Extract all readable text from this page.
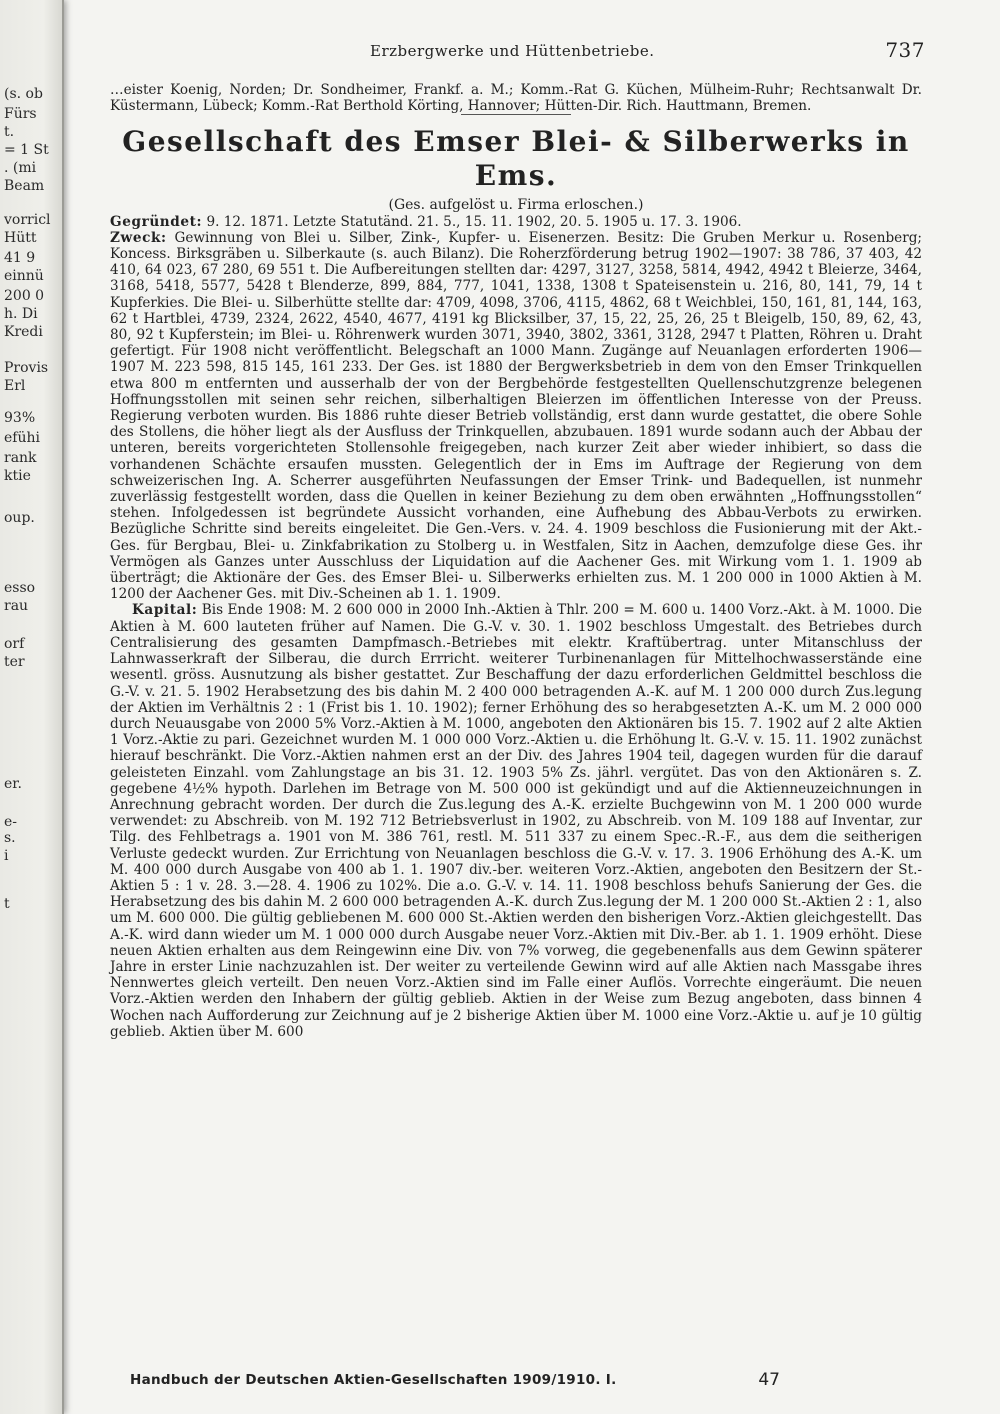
(s. ob
Fürs
t.
= 1 St
. (mi
Beam
vorricl
Hütt
41 9
einnü
200 0
h. Di
Kredi
Provis
Erl
93%
efühi
rank
ktie
oup.
esso
rau
orf
ter
er.
e-
s.
i
t
Erzbergwerke und Hüttenbetriebe.	737

…eister Koenig, Norden; Dr. Sondheimer, Frankf. a. M.; Komm.-Rat G. Küchen, Mülheim-Ruhr; Rechtsanwalt Dr. Küstermann, Lübeck; Komm.-Rat Berthold Körting, Hannover; Hütten-Dir. Rich. Hauttmann, Bremen.

Gesellschaft des Emser Blei- & Silberwerks in Ems.

(Ges. aufgelöst u. Firma erloschen.)

Gegründet: 9. 12. 1871. Letzte Statutänd. 21. 5., 15. 11. 1902, 20. 5. 1905 u. 17. 3. 1906.

Zweck: Gewinnung von Blei u. Silber, Zink-, Kupfer- u. Eisenerzen. Besitz: Die Gruben Merkur u. Rosenberg; Koncess. Birksgräben u. Silberkaute (s. auch Bilanz). Die Roherzförderung betrug 1902—1907: 38 786, 37 403, 42 410, 64 023, 67 280, 69 551 t. Die Aufbereitungen stellten dar: 4297, 3127, 3258, 5814, 4942, 4942 t Bleierze, 3464, 3168, 5418, 5577, 5428 t Blenderze, 899, 884, 777, 1041, 1338, 1308 t Spateisenstein u. 216, 80, 141, 79, 14 t Kupferkies. Die Blei- u. Silberhütte stellte dar: 4709, 4098, 3706, 4115, 4862, 68 t Weichblei, 150, 161, 81, 144, 163, 62 t Hartblei, 4739, 2324, 2622, 4540, 4677, 4191 kg Blicksilber, 37, 15, 22, 25, 26, 25 t Bleigelb, 150, 89, 62, 43, 80, 92 t Kupferstein; im Blei- u. Röhrenwerk wurden 3071, 3940, 3802, 3361, 3128, 2947 t Platten, Röhren u. Draht gefertigt. Für 1908 nicht veröffentlicht. Belegschaft an 1000 Mann. Zugänge auf Neuanlagen erforderten 1906—1907 M. 223 598, 815 145, 161 233. Der Ges. ist 1880 der Bergwerksbetrieb in dem von den Emser Trinkquellen etwa 800 m entfernten und ausserhalb der von der Bergbehörde festgestellten Quellenschutzgrenze belegenen Hoffnungsstollen mit seinen sehr reichen, silberhaltigen Bleierzen im öffentlichen Interesse von der Preuss. Regierung verboten wurden. Bis 1886 ruhte dieser Betrieb vollständig, erst dann wurde gestattet, die obere Sohle des Stollens, die höher liegt als der Ausfluss der Trinkquellen, abzubauen. 1891 wurde sodann auch der Abbau der unteren, bereits vorgerichteten Stollensohle freigegeben, nach kurzer Zeit aber wieder inhibiert, so dass die vorhandenen Schächte ersaufen mussten. Gelegentlich der in Ems im Auftrage der Regierung von dem schweizerischen Ing. A. Scherrer ausgeführten Neufassungen der Emser Trink- und Badequellen, ist nunmehr zuverlässig festgestellt worden, dass die Quellen in keiner Beziehung zu dem oben erwähnten „Hoffnungsstollen“ stehen. Infolgedessen ist begründete Aussicht vorhanden, eine Aufhebung des Abbau-Verbots zu erwirken. Bezügliche Schritte sind bereits eingeleitet. Die Gen.-Vers. v. 24. 4. 1909 beschloss die Fusionierung mit der Akt.-Ges. für Bergbau, Blei- u. Zinkfabrikation zu Stolberg u. in Westfalen, Sitz in Aachen, demzufolge diese Ges. ihr Vermögen als Ganzes unter Ausschluss der Liquidation auf die Aachener Ges. mit Wirkung vom 1. 1. 1909 ab überträgt; die Aktionäre der Ges. des Emser Blei- u. Silberwerks erhielten zus. M. 1 200 000 in 1000 Aktien à M. 1200 der Aachener Ges. mit Div.-Scheinen ab 1. 1. 1909.

Kapital: Bis Ende 1908: M. 2 600 000 in 2000 Inh.-Aktien à Thlr. 200 = M. 600 u. 1400 Vorz.-Akt. à M. 1000. Die Aktien à M. 600 lauteten früher auf Namen. Die G.-V. v. 30. 1. 1902 beschloss Umgestalt. des Betriebes durch Centralisierung des gesamten Dampfmasch.-Betriebes mit elektr. Kraftübertrag. unter Mitanschluss der Lahnwasserkraft der Silberau, die durch Errricht. weiterer Turbinenanlagen für Mittelhochwasserstände eine wesentl. gröss. Ausnutzung als bisher gestattet. Zur Beschaffung der dazu erforderlichen Geldmittel beschloss die G.-V. v. 21. 5. 1902 Herabsetzung des bis dahin M. 2 400 000 betragenden A.-K. auf M. 1 200 000 durch Zus.legung der Aktien im Verhältnis 2 : 1 (Frist bis 1. 10. 1902); ferner Erhöhung des so herabgesetzten A.-K. um M. 2 000 000 durch Neuausgabe von 2000 5% Vorz.-Aktien à M. 1000, angeboten den Aktionären bis 15. 7. 1902 auf 2 alte Aktien 1 Vorz.-Aktie zu pari. Gezeichnet wurden M. 1 000 000 Vorz.-Aktien u. die Erhöhung lt. G.-V. v. 15. 11. 1902 zunächst hierauf beschränkt. Die Vorz.-Aktien nahmen erst an der Div. des Jahres 1904 teil, dagegen wurden für die darauf geleisteten Einzahl. vom Zahlungstage an bis 31. 12. 1903 5% Zs. jährl. vergütet. Das von den Aktionären s. Z. gegebene 4½% hypoth. Darlehen im Betrage von M. 500 000 ist gekündigt und auf die Aktienneuzeichnungen in Anrechnung gebracht worden. Der durch die Zus.legung des A.-K. erzielte Buchgewinn von M. 1 200 000 wurde verwendet: zu Abschreib. von M. 192 712 Betriebsverlust in 1902, zu Abschreib. von M. 109 188 auf Inventar, zur Tilg. des Fehlbetrags a. 1901 von M. 386 761, restl. M. 511 337 zu einem Spec.-R.-F., aus dem die seitherigen Verluste gedeckt wurden. Zur Errichtung von Neuanlagen beschloss die G.-V. v. 17. 3. 1906 Erhöhung des A.-K. um M. 400 000 durch Ausgabe von 400 ab 1. 1. 1907 div.-ber. weiteren Vorz.-Aktien, angeboten den Besitzern der St.-Aktien 5 : 1 v. 28. 3.—28. 4. 1906 zu 102%. Die a.o. G.-V. v. 14. 11. 1908 beschloss behufs Sanierung der Ges. die Herabsetzung des bis dahin M. 2 600 000 betragenden A.-K. durch Zus.legung der M. 1 200 000 St.-Aktien 2 : 1, also um M. 600 000. Die gültig gebliebenen M. 600 000 St.-Aktien werden den bisherigen Vorz.-Aktien gleichgestellt. Das A.-K. wird dann wieder um M. 1 000 000 durch Ausgabe neuer Vorz.-Aktien mit Div.-Ber. ab 1. 1. 1909 erhöht. Diese neuen Aktien erhalten aus dem Reingewinn eine Div. von 7% vorweg, die gegebenenfalls aus dem Gewinn späterer Jahre in erster Linie nachzuzahlen ist. Der weiter zu verteilende Gewinn wird auf alle Aktien nach Massgabe ihres Nennwertes gleich verteilt. Den neuen Vorz.-Aktien sind im Falle einer Auflös. Vorrechte eingeräumt. Die neuen Vorz.-Aktien werden den Inhabern der gültig geblieb. Aktien in der Weise zum Bezug angeboten, dass binnen 4 Wochen nach Aufforderung zur Zeichnung auf je 2 bisherige Aktien über M. 1000 eine Vorz.-Aktie u. auf je 10 gültig geblieb. Aktien über M. 600

Handbuch der Deutschen Aktien-Gesellschaften 1909/1910. I.	47
